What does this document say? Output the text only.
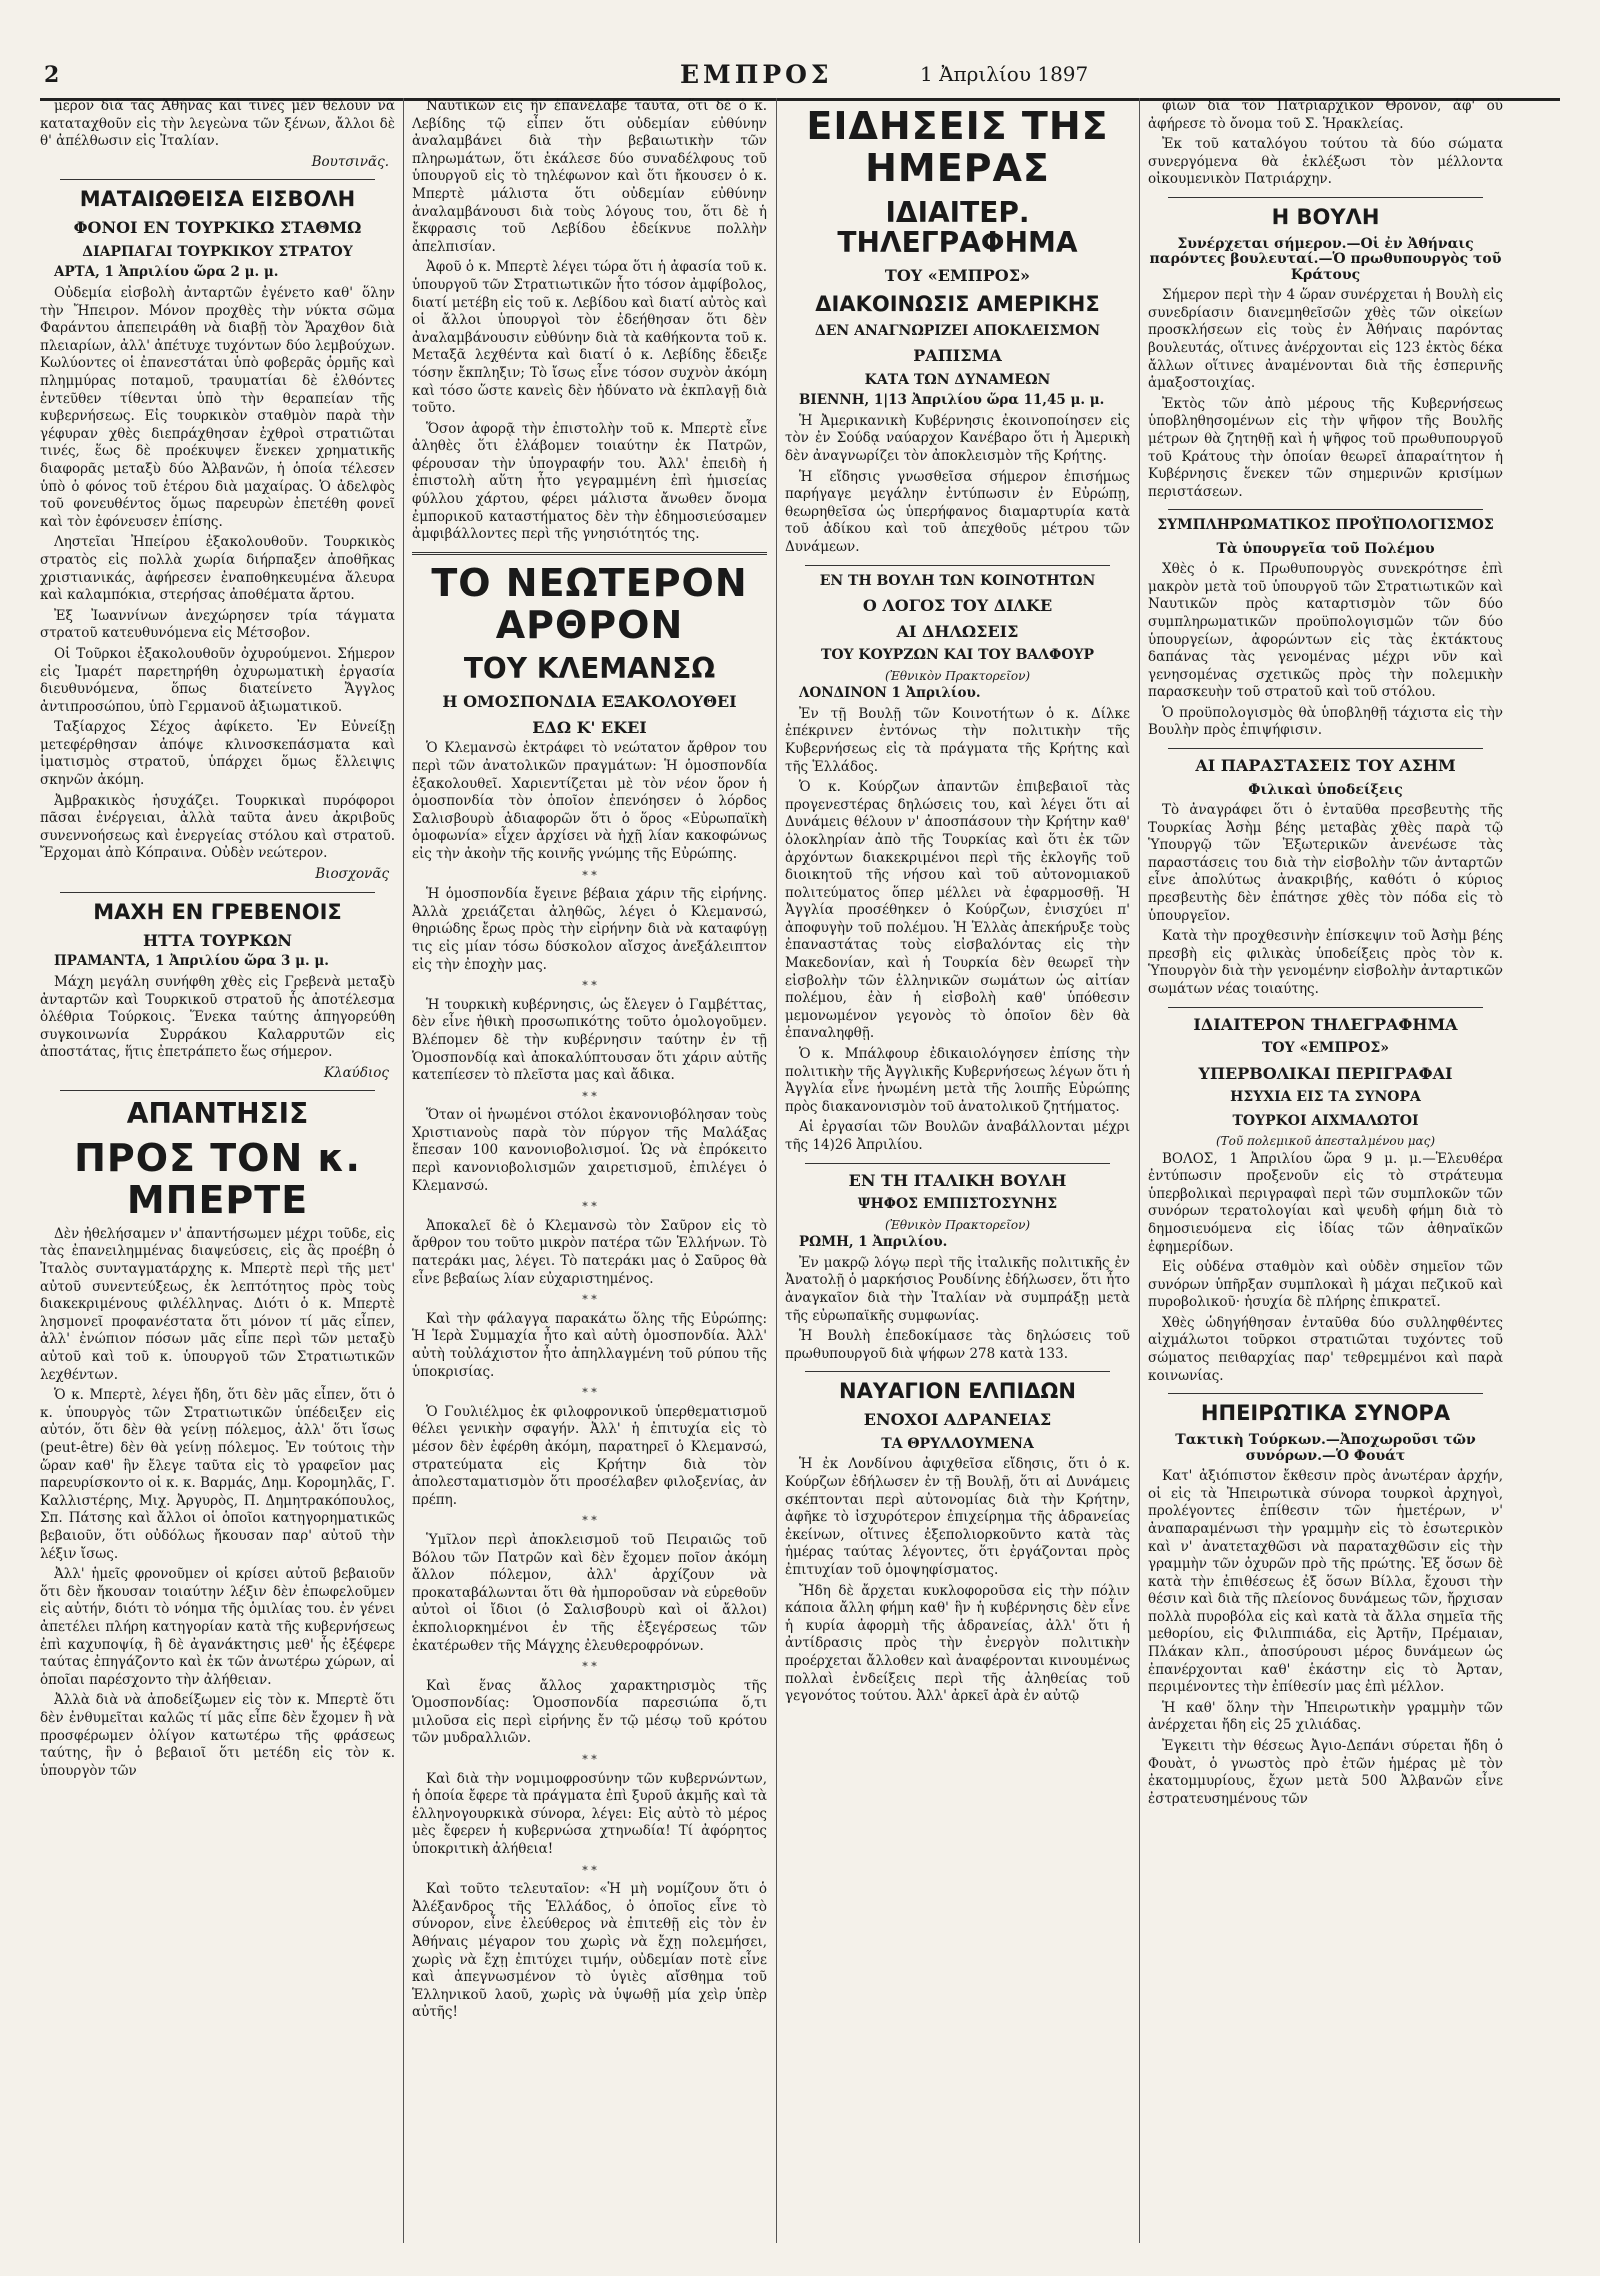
2	ΕΜΠΡΟΣ	1 Ἀπριλίου 1897

μερον διὰ τὰς Ἀθήνας καὶ τινὲς μὲν θέλουν νὰ καταταχθοῦν εἰς τὴν λεγεὼνα τῶν ξένων, ἄλλοι δὲ θ' ἀπέλθωσιν εἰς Ἰταλίαν.

Βουτσινᾶς.
ΜΑΤΑΙΩΘΕΙΣΑ ΕΙΣΒΟΛΗ
ΦΟΝΟΙ ΕΝ ΤΟΥΡΚΙΚΩ ΣΤΑΘΜΩ
ΔΙΑΡΠΑΓΑΙ ΤΟΥΡΚΙΚΟΥ ΣΤΡΑΤΟΥ

ΑΡΤΑ, 1 Ἀπριλίου ὥρα 2 μ. μ.

Οὐδεμία εἰσβολὴ ἀνταρτῶν ἐγένετο καθ' ὅλην τὴν Ἤπειρον. Μόνον προχθὲς τὴν νύκτα σῶμα Φαράντου ἀπεπειράθη νὰ διαβῇ τὸν Ἄραχθον διὰ πλειαρίων, ἀλλ' ἀπέτυχε τυχόντων δύο λεμβούχων. Κωλύοντες οἱ ἐπανεστάται ὑπὸ φοβερᾶς ὁρμῆς καὶ πλημμύρας ποταμοῦ, τραυματίαι δὲ ἐλθόντες ἐντεῦθεν τίθενται ὑπὸ τὴν θεραπείαν τῆς κυβερνήσεως. Εἰς τουρκικὸν σταθμὸν παρὰ τὴν γέφυραν χθὲς διεπράχθησαν ἐχθροὶ στρατιῶται τινές, ἕως δὲ προέκυψεν ἕνεκεν χρηματικῆς διαφορᾶς μεταξὺ δύο Ἀλβανῶν, ἡ ὁποία τέλεσεν ὑπὸ ὁ φόνος τοῦ ἑτέρου διὰ μαχαίρας. Ὁ ἀδελφὸς τοῦ φονευθέντος ὅμως παρευρὼν ἐπετέθη φονεῖ καὶ τὸν ἐφόνευσεν ἐπίσης.

Ληστεῖαι Ἠπείρου ἐξακολουθοῦν. Τουρκικὸς στρατὸς εἰς πολλὰ χωρία διήρπαξεν ἀποθῆκας χριστιανικάς, ἀφήρεσεν ἐναποθηκευμένα ἄλευρα καὶ καλαμπόκια, στερήσας ἀποθέματα ἄρτου.

Ἐξ Ἰωαννίνων ἀνεχώρησεν τρία τάγματα στρατοῦ κατευθυνόμενα εἰς Μέτσοβον.

Οἱ Τοῦρκοι ἐξακολουθοῦν ὀχυρούμενοι. Σήμερον εἰς Ἰμαρέτ παρετηρήθη ὀχυρωματικὴ ἐργασία διευθυνόμενα, ὅπως διατείνετο Ἄγγλος ἀντιπροσώπου, ὑπὸ Γερμανοῦ ἀξιωματικοῦ.

Ταξίαρχος Σέχος ἀφίκετο. Ἐν Εὐνείξῃ μετεφέρθησαν ἀπόψε κλινοσκεπάσματα καὶ ἱματισμὸς στρατοῦ, ὑπάρχει ὅμως ἔλλειψις σκηνῶν ἀκόμη.

Ἀμβρακικὸς ἡσυχάζει. Τουρκικαὶ πυρόφοροι πᾶσαι ἐνέργειαι, ἀλλὰ ταῦτα ἀνευ ἀκριβοῦς συνεννοήσεως καὶ ἐνεργείας στόλου καὶ στρατοῦ. Ἔρχομαι ἀπὸ Κόπραινα. Οὐδὲν νεώτερον.

Βιοσχονᾶς
ΜΑΧΗ ΕΝ ΓΡΕΒΕΝΟΙΣ
ΗΤΤΑ ΤΟΥΡΚΩΝ

ΠΡΑΜΑΝΤΑ, 1 Ἀπριλίου ὥρα 3 μ. μ.

Μάχη μεγάλη συνήφθη χθὲς εἰς Γρεβενὰ μεταξὺ ἀνταρτῶν καὶ Τουρκικοῦ στρατοῦ ἧς ἀποτέλεσμα ὀλέθρια Τούρκοις. Ἕνεκα ταύτης ἀπηγορεύθη συγκοινωνία Συρράκου Καλαρρυτῶν εἰς ἀποστάτας, ἥτις ἐπετράπετο ἕως σήμερον.

Κλαύδιος
ΑΠΑΝΤΗΣΙΣ
ΠΡΟΣ ΤΟΝ κ. ΜΠΕΡΤΕ

Δὲν ἠθελήσαμεν ν' ἀπαντήσωμεν μέχρι τοῦδε, εἰς τὰς ἐπανειλημμένας διαψεύσεις, εἰς ἃς προέβη ὁ Ἰταλὸς συνταγματάρχης κ. Μπερτὲ περὶ τῆς μετ' αὐτοῦ συνεντεύξεως, ἐκ λεπτότητος πρὸς τοὺς διακεκριμένους φιλέλληνας. Διότι ὁ κ. Μπερτὲ λησμονεῖ προφανέστατα ὅτι μόνον τί μᾶς εἶπεν, ἀλλ' ἐνώπιον πόσων μᾶς εἶπε περὶ τῶν μεταξὺ αὐτοῦ καὶ τοῦ κ. ὑπουργοῦ τῶν Στρατιωτικῶν λεχθέντων.

Ὁ κ. Μπερτὲ, λέγει ἤδη, ὅτι δὲν μᾶς εἶπεν, ὅτι ὁ κ. ὑπουργὸς τῶν Στρατιωτικῶν ὑπέδειξεν εἰς αὐτόν, ὅτι δὲν θὰ γείνῃ πόλεμος, ἀλλ' ὅτι ἴσως (peut-être) δὲν θὰ γείνῃ πόλεμος. Ἐν τούτοις τὴν ὥραν καθ' ἣν ἔλεγε ταῦτα εἰς τὸ γραφεῖον μας παρευρίσκοντο οἱ κ. κ. Βαρμάς, Δημ. Κορομηλᾶς, Γ. Καλλιστέρης, Μιχ. Ἀργυρὸς, Π. Δημητρακόπουλος, Σπ. Πάτσης καὶ ἄλλοι οἱ ὁποῖοι κατηγορηματικῶς βεβαιοῦν, ὅτι οὐδόλως ἤκουσαν παρ' αὐτοῦ τὴν λέξιν ἴσως.

Ἀλλ' ἡμεῖς φρονοῦμεν οἱ κρίσει αὐτοῦ βεβαιοῦν ὅτι δὲν ἤκουσαν τοιαύτην λέξιν δὲν ἐπωφελοῦμεν εἰς αὐτήν, διότι τὸ νόημα τῆς ὁμιλίας του. ἐν γένει ἀπετέλει πλήρη κατηγορίαν κατὰ τῆς κυβερνήσεως ἐπὶ καχυποψίᾳ, ἢ δὲ ἀγανάκτησις μεθ' ἧς ἐξέφερε ταύτας ἐπηγάζοντο καὶ ἐκ τῶν ἀνωτέρω χώρων, αἱ ὁποῖαι παρέσχοντο τὴν ἀλήθειαν.

Ἀλλὰ διὰ νὰ ἀποδείξωμεν εἰς τὸν κ. Μπερτὲ ὅτι δὲν ἐνθυμεῖται καλῶς τί μᾶς εἶπε δὲν ἔχομεν ἢ νὰ προσφέρωμεν ὀλίγον κατωτέρω τῆς φράσεως ταύτης, ἣν ὁ βεβαιοῖ ὅτι μετέδη εἰς τὸν κ. ὑπουργὸν τῶν

Ναυτικῶν εἰς ἣν ἐπανέλαβε ταῦτα, ὅτι δὲ ὁ κ. Λεβίδης τῷ εἶπεν ὅτι οὐδεμίαν εὐθύνην ἀναλαμβάνει διὰ τὴν βεβαιωτικὴν τῶν πληρωμάτων, ὅτι ἐκάλεσε δύο συναδέλφους τοῦ ὑπουργοῦ εἰς τὸ τηλέφωνον καὶ ὅτι ἤκουσεν ὁ κ. Μπερτὲ μάλιστα ὅτι οὐδεμίαν εὐθύνην ἀναλαμβάνουσι διὰ τοὺς λόγους του, ὅτι δὲ ἡ ἔκφρασις τοῦ Λεβίδου ἐδείκνυε πολλὴν ἀπελπισίαν.

Ἀφοῦ ὁ κ. Μπερτὲ λέγει τώρα ὅτι ἡ ἀφασία τοῦ κ. ὑπουργοῦ τῶν Στρατιωτικῶν ἦτο τόσον ἀμφίβολος, διατί μετέβη εἰς τοῦ κ. Λεβίδου καὶ διατί αὐτὸς καὶ οἱ ἄλλοι ὑπουργοὶ τὸν ἐδεήθησαν ὅτι δὲν ἀναλαμβάνουσιν εὐθύνην διὰ τὰ καθήκοντα τοῦ κ. Μεταξᾶ λεχθέντα καὶ διατί ὁ κ. Λεβίδης ἔδειξε τόσην ἔκπληξιν; Τὸ ἴσως εἶνε τόσον συχνὸν ἀκόμη καὶ τόσο ὥστε κανεὶς δὲν ἠδύνατο νὰ ἐκπλαγῇ διὰ τοῦτο.

Ὅσον ἀφορᾷ τὴν ἐπιστολὴν τοῦ κ. Μπερτὲ εἶνε ἀληθὲς ὅτι ἐλάβομεν τοιαύτην ἐκ Πατρῶν, φέρουσαν τὴν ὑπογραφήν του. Ἀλλ' ἐπειδὴ ἡ ἐπιστολὴ αὕτη ἦτο γεγραμμένη ἐπὶ ἡμισείας φύλλου χάρτου, φέρει μάλιστα ἄνωθεν ὄνομα ἐμπορικοῦ καταστήματος δὲν τὴν ἐδημοσιεύσαμεν ἀμφιβάλλοντες περὶ τῆς γνησιότητός της.

ΤΟ ΝΕΩΤΕΡΟΝ ΑΡΘΡΟΝ
ΤΟΥ ΚΛΕΜΑΝΣΩ
Η ΟΜΟΣΠΟΝΔΙΑ ΕΞΑΚΟΛΟΥΘΕΙ
ΕΔΩ Κ' ΕΚΕΙ

Ὁ Κλεμανσὼ ἐκτράφει τὸ νεώτατον ἄρθρον του περὶ τῶν ἀνατολικῶν πραγμάτων: Ἡ ὁμοσπονδία ἐξακολουθεῖ. Χαριεντίζεται μὲ τὸν νέον ὅρον ἡ ὁμοσπονδία τὸν ὁποῖον ἐπενόησεν ὁ λόρδος Σαλισβουρὺ ἀδιαφορῶν ὅτι ὁ ὅρος «Εὐρωπαϊκὴ ὁμοφωνία» εἶχεν ἀρχίσει νὰ ἠχῇ λίαν κακοφώνως εἰς τὴν ἀκοὴν τῆς κοινῆς γνώμης τῆς Εὐρώπης.

* *

Ἡ ὁμοσπονδία ἔγεινε βέβαια χάριν τῆς εἰρήνης. Ἀλλὰ χρειάζεται ἀληθῶς, λέγει ὁ Κλεμανσώ, θηριώδης ἔρως πρὸς τὴν εἰρήνην διὰ νὰ καταφύγῃ τις εἰς μίαν τόσω δύσκολον αἴσχος ἀνεξάλειπτον εἰς τὴν ἐποχὴν μας.

* *

Ἡ τουρκικὴ κυβέρνησις, ὡς ἔλεγεν ὁ Γαμβέττας, δὲν εἶνε ἠθικὴ προσωπικότης τοῦτο ὁμολογοῦμεν. Βλέπομεν δὲ τὴν κυβέρνησιν ταύτην ἐν τῇ Ὁμοσπονδίᾳ καὶ ἀποκαλύπτουσαν ὅτι χάριν αὐτῆς κατεπίεσεν τὸ πλεῖστα μας καὶ ἄδικα.

* *

Ὅταν οἱ ἡνωμένοι στόλοι ἐκανονιοβόλησαν τοὺς Χριστιανοὺς παρὰ τὸν πύργον τῆς Μαλάξας ἔπεσαν 100 κανονιοβολισμοί. Ὡς νὰ ἐπρόκειτο περὶ κανονιοβολισμῶν χαιρετισμοῦ, ἐπιλέγει ὁ Κλεμανσώ.

* *

Ἀποκαλεῖ δὲ ὁ Κλεμανσὼ τὸν Σαῦρον εἰς τὸ ἄρθρον του τοῦτο μικρὸν πατέρα τῶν Ἑλλήνων. Τὸ πατεράκι μας, λέγει. Τὸ πατεράκι μας ὁ Σαῦρος θὰ εἶνε βεβαίως λίαν εὐχαριστημένος.

* *

Καὶ τὴν φάλαγγα παρακάτω ὅλης τῆς Εὐρώπης: Ἡ Ἱερὰ Συμμαχία ἦτο καὶ αὐτὴ ὁμοσπονδία. Ἀλλ' αὐτὴ τοὐλάχιστον ἦτο ἀπηλλαγμένη τοῦ ρύπου τῆς ὑποκρισίας.

* *

Ὁ Γουλιέλμος ἐκ φιλοφρονικοῦ ὑπερθεματισμοῦ θέλει γενικὴν σφαγήν. Ἀλλ' ἡ ἐπιτυχία εἰς τὸ μέσον δὲν ἐφέρθη ἀκόμη, παρατηρεῖ ὁ Κλεμανσώ, στρατεύματα εἰς Κρήτην διὰ τὸν ἀπολεσταματισμὸν ὅτι προσέλαβεν φιλοξενίας, ἀν πρέπη.

* *

Ὑμῖλον περὶ ἀποκλεισμοῦ τοῦ Πειραιῶς τοῦ Βόλου τῶν Πατρῶν καὶ δὲν ἔχομεν ποῖον ἀκόμη ἄλλον πόλεμον, ἀλλ' ἀρχίζουν νὰ προκαταβάλωνται ὅτι θὰ ἠμποροῦσαν νὰ εὑρεθοῦν αὐτοὶ οἱ ἴδιοι (ὁ Σαλισβουρὺ καὶ οἱ ἄλλοι) ἐκπολιορκημένοι ἐν τῆς ἐξεγέρσεως τῶν ἐκατέρωθεν τῆς Μάγχης ἐλευθεροφρόνων.

* *

Καὶ ἕνας ἄλλος χαρακτηρισμὸς τῆς Ὁμοσπονδίας: Ὁμοσπονδία παρεσιώπα ὅ,τι μιλοῦσα εἰς περὶ εἰρήνης ἔν τῷ μέσῳ τοῦ κρότου τῶν μυδραλλιῶν.

* *

Καὶ διὰ τὴν νομιμοφροσύνην τῶν κυβερνώντων, ἡ ὁποία ἔφερε τὰ πράγματα ἐπὶ ξυροῦ ἀκμῆς καὶ τὰ ἑλληνογουρκικὰ σύνορα, λέγει: Εἰς αὐτὸ τὸ μέρος μὲς ἔφερεν ἡ κυβερνώσα χτηνωδία! Τί ἀφόρητος ὑποκριτικὴ ἀλήθεια!

* *

Καὶ τοῦτο τελευταῖον: «Ἡ μὴ νομίζουν ὅτι ὁ Ἀλέξανδρος τῆς Ἑλλάδος, ὁ ὁποῖος εἶνε τὸ σύνορον, εἶνε ἐλεύθερος νὰ ἐπιτεθῇ εἰς τὸν ἐν Ἀθήναις μέγαρον του χωρὶς νὰ ἔχῃ πολεμήσει, χωρὶς νὰ ἔχῃ ἐπιτύχει τιμήν, οὐδεμίαν ποτὲ εἶνε καὶ ἀπεγνωσμένον τὸ ὑγιὲς αἴσθημα τοῦ Ἑλληνικοῦ λαοῦ, χωρὶς νὰ ὑψωθῇ μία χεὶρ ὑπὲρ αὐτῆς!

ΕΙΔΗΣΕΙΣ ΤΗΣ ΗΜΕΡΑΣ
ΙΔΙΑΙΤΕΡ. ΤΗΛΕΓΡΑΦΗΜΑ
ΤΟΥ «ΕΜΠΡΟΣ»
ΔΙΑΚΟΙΝΩΣΙΣ ΑΜΕΡΙΚΗΣ
ΔΕΝ ΑΝΑΓΝΩΡΙΖΕΙ ΑΠΟΚΛΕΙΣΜΟΝ
ΡΑΠΙΣΜΑ
ΚΑΤΑ ΤΩΝ ΔΥΝΑΜΕΩΝ

ΒΙΕΝΝΗ, 1|13 Ἀπριλίου ὥρα 11,45 μ. μ.

Ἡ Ἀμερικανικὴ Κυβέρνησις ἐκοινοποίησεν εἰς τὸν ἐν Σούδᾳ ναύαρχον Κανέβαρο ὅτι ἡ Ἀμερικὴ δὲν ἀναγνωρίζει τὸν ἀποκλεισμὸν τῆς Κρήτης.

Ἡ εἴδησις γνωσθεῖσα σήμερον ἐπισήμως παρήγαγε μεγάλην ἐντύπωσιν ἐν Εὐρώπῃ, θεωρηθεῖσα ὡς ὑπερήφανος διαμαρτυρία κατὰ τοῦ ἀδίκου καὶ τοῦ ἀπεχθοῦς μέτρου τῶν Δυνάμεων.

ΕΝ ΤΗ ΒΟΥΛΗ ΤΩΝ ΚΟΙΝΟΤΗΤΩΝ
Ο ΛΟΓΟΣ ΤΟΥ ΔΙΛΚΕ
ΑΙ ΔΗΛΩΣΕΙΣ
ΤΟΥ ΚΟΥΡΖΩΝ ΚΑΙ ΤΟΥ ΒΑΛΦΟΥΡ
(Ἐθνικὸν Πρακτορεῖον)

ΛΟΝΔΙΝΟΝ 1 Ἀπριλίου.

Ἐν τῇ Βουλῇ τῶν Κοινοτήτων ὁ κ. Δίλκε ἐπέκρινεν ἐντόνως τὴν πολιτικὴν τῆς Κυβερνήσεως εἰς τὰ πράγματα τῆς Κρήτης καὶ τῆς Ἑλλάδος.

Ὁ κ. Κούρζων ἀπαντῶν ἐπιβεβαιοῖ τὰς προγενεστέρας δηλώσεις του, καὶ λέγει ὅτι αἱ Δυνάμεις θέλουν ν' ἀποσπάσουν τὴν Κρήτην καθ' ὁλοκληρίαν ἀπὸ τῆς Τουρκίας καὶ ὅτι ἐκ τῶν ἀρχόντων διακεκριμένοι περὶ τῆς ἐκλογῆς τοῦ διοικητοῦ τῆς νήσου καὶ τοῦ αὐτονομιακοῦ πολιτεύματος ὅπερ μέλλει νὰ ἐφαρμοσθῇ. Ἡ Ἀγγλία προσέθηκεν ὁ Κούρζων, ἐνισχύει π' ἀποφυγὴν τοῦ πολέμου. Ἡ Ἑλλὰς ἀπεκήρυξε τοὺς ἐπαναστάτας τοὺς εἰσβαλόντας εἰς τὴν Μακεδονίαν, καὶ ἡ Τουρκία δὲν θεωρεῖ τὴν εἰσβολὴν τῶν ἑλληνικῶν σωμάτων ὡς αἰτίαν πολέμου, ἐὰν ἡ εἰσβολὴ καθ' ὑπόθεσιν μεμονωμένον γεγονὸς τὸ ὁποῖον δὲν θὰ ἐπαναληφθῇ.

Ὁ κ. Μπάλφουρ ἐδικαιολόγησεν ἐπίσης τὴν πολιτικὴν τῆς Ἀγγλικῆς Κυβερνήσεως λέγων ὅτι ἡ Ἀγγλία εἶνε ἡνωμένη μετὰ τῆς λοιπῆς Εὐρώπης πρὸς διακανονισμὸν τοῦ ἀνατολικοῦ ζητήματος.

Αἱ ἐργασίαι τῶν Βουλῶν ἀναβάλλονται μέχρι τῆς 14)26 Ἀπριλίου.

ΕΝ ΤΗ ΙΤΑΛΙΚΗ ΒΟΥΛΗ
ΨΗΦΟΣ ΕΜΠΙΣΤΟΣΥΝΗΣ
(Ἐθνικὸν Πρακτορεῖον)

ΡΩΜΗ, 1 Ἀπριλίου.

Ἐν μακρῷ λόγῳ περὶ τῆς ἰταλικῆς πολιτικῆς ἐν Ἀνατολῇ ὁ μαρκήσιος Ρουδίνης ἐδήλωσεν, ὅτι ἦτο ἀναγκαῖον διὰ τὴν Ἰταλίαν νὰ συμπράξῃ μετὰ τῆς εὐρωπαϊκῆς συμφωνίας.

Ἡ Βουλὴ ἐπεδοκίμασε τὰς δηλώσεις τοῦ πρωθυπουργοῦ διὰ ψήφων 278 κατὰ 133.

ΝΑΥΑΓΙΟΝ ΕΛΠΙΔΩΝ
ΕΝΟΧΟΙ ΑΔΡΑΝΕΙΑΣ
ΤΑ ΘΡΥΛΛΟΥΜΕΝΑ

Ἡ ἐκ Λονδίνου ἀφιχθεῖσα εἴδησις, ὅτι ὁ κ. Κούρζων ἐδήλωσεν ἐν τῇ Βουλῇ, ὅτι αἱ Δυνάμεις σκέπτονται περὶ αὐτονομίας διὰ τὴν Κρήτην, ἀφῆκε τὸ ἰσχυρότερον ἐπιχείρημα τῆς ἀδρανείας ἐκείνων, οἵτινες ἐξεπολιορκοῦντο κατὰ τὰς ἡμέρας ταύτας λέγοντες, ὅτι ἐργάζονται πρὸς ἐπιτυχίαν τοῦ ὁμοψηφίσματος.

Ἤδη δὲ ἄρχεται κυκλοφοροῦσα εἰς τὴν πόλιν κάποια ἄλλη φήμη καθ' ἣν ἡ κυβέρνησις δὲν εἶνε ἡ κυρία ἀφορμὴ τῆς ἀδρανείας, ἀλλ' ὅτι ἡ ἀντίδρασις πρὸς τὴν ἐνεργὸν πολιτικὴν προέρχεται ἄλλοθεν καὶ ἀναφέρονται κινουμένως πολλαὶ ἐνδείξεις περὶ τῆς ἀληθείας τοῦ γεγονότος τούτου. Ἀλλ' ἀρκεῖ ἀρὰ ἐν αὐτῷ

φίων διὰ τὸν Πατριαρχικὸν Θρόνον, ἀφ' οὗ ἀφήρεσε τὸ ὄνομα τοῦ Σ. Ἡρακλείας.

Ἐκ τοῦ καταλόγου τούτου τὰ δύο σώματα συνεργόμενα θὰ ἐκλέξωσι τὸν μέλλοντα οἰκουμενικὸν Πατριάρχην.

Η ΒΟΥΛΗ
Συνέρχεται σήμερον.—Οἱ ἐν Ἀθήναις παρόντες βουλευταί.—Ὁ πρωθυπουργὸς τοῦ Κράτους

Σήμερον περὶ τὴν 4 ὥραν συνέρχεται ἡ Βουλὴ εἰς συνεδρίασιν διανεμηθεῖσῶν χθὲς τῶν οἰκείων προσκλήσεων εἰς τοὺς ἐν Ἀθήναις παρόντας βουλευτάς, οἵτινες ἀνέρχονται εἰς 123 ἐκτὸς δέκα ἄλλων οἵτινες ἀναμένονται διὰ τῆς ἑσπερινῆς ἁμαξοστοιχίας.

Ἐκτὸς τῶν ἀπὸ μέρους τῆς Κυβερνήσεως ὑποβληθησομένων εἰς τὴν ψῆφον τῆς Βουλῆς μέτρων θὰ ζητηθῇ καὶ ἡ ψῆφος τοῦ πρωθυπουργοῦ τοῦ Κράτους τὴν ὁποίαν θεωρεῖ ἀπαραίτητον ἡ Κυβέρνησις ἕνεκεν τῶν σημερινῶν κρισίμων περιστάσεων.

ΣΥΜΠΛΗΡΩΜΑΤΙΚΟΣ ΠΡΟΫΠΟΛΟΓΙΣΜΟΣ
Τὰ ὑπουργεῖα τοῦ Πολέμου

Χθὲς ὁ κ. Πρωθυπουργὸς συνεκρότησε ἐπὶ μακρὸν μετὰ τοῦ ὑπουργοῦ τῶν Στρατιωτικῶν καὶ Ναυτικῶν πρὸς καταρτισμὸν τῶν δύο συμπληρωματικῶν προϋπολογισμῶν τῶν δύο ὑπουργείων, ἀφορώντων εἰς τὰς ἐκτάκτους δαπάνας τὰς γενομένας μέχρι νῦν καὶ γενησομένας σχετικῶς πρὸς τὴν πολεμικὴν παρασκευὴν τοῦ στρατοῦ καὶ τοῦ στόλου.

Ὁ προϋπολογισμὸς θὰ ὑποβληθῇ τάχιστα εἰς τὴν Βουλὴν πρὸς ἐπιψήφισιν.

ΑΙ ΠΑΡΑΣΤΑΣΕΙΣ ΤΟΥ ΑΣΗΜ
Φιλικαὶ ὑποδείξεις

Τὸ ἀναγράφει ὅτι ὁ ἐνταῦθα πρεσβευτὴς τῆς Τουρκίας Ἀσὴμ βέης μεταβὰς χθὲς παρὰ τῷ Ὑπουργῷ τῶν Ἐξωτερικῶν ἀνενέωσε τὰς παραστάσεις του διὰ τὴν εἰσβολὴν τῶν ἀνταρτῶν εἶνε ἀπολύτως ἀνακριβής, καθότι ὁ κύριος πρεσβευτὴς δὲν ἐπάτησε χθὲς τὸν πόδα εἰς τὸ ὑπουργεῖον.

Κατὰ τὴν προχθεσινὴν ἐπίσκεψιν τοῦ Ἀσὴμ βέης πρεσβὴ εἰς φιλικὰς ὑποδείξεις πρὸς τὸν κ. Ὑπουργὸν διὰ τὴν γενομένην εἰσβολὴν ἀνταρτικῶν σωμάτων νέας τοιαύτης.

ΙΔΙΑΙΤΕΡΟΝ ΤΗΛΕΓΡΑΦΗΜΑ
ΤΟΥ «ΕΜΠΡΟΣ»
ΥΠΕΡΒΟΛΙΚΑΙ ΠΕΡΙΓΡΑΦΑΙ
ΗΣΥΧΙΑ ΕΙΣ ΤΑ ΣΥΝΟΡΑ
ΤΟΥΡΚΟΙ ΑΙΧΜΑΛΩΤΟΙ
(Τοῦ πολεμικοῦ ἀπεσταλμένου μας)

ΒΟΛΟΣ, 1 Ἀπριλίου ὥρα 9 μ. μ.—Ἑλευθέρα ἐντύπωσιν προξενοῦν εἰς τὸ στράτευμα ὑπερβολικαὶ περιγραφαὶ περὶ τῶν συμπλοκῶν τῶν συνόρων τερατολογίαι καὶ ψευδὴ φήμη διὰ τὸ δημοσιευόμενα εἰς ἰδίας τῶν ἀθηναϊκῶν ἐφημερίδων.

Εἰς οὐδένα σταθμὸν καὶ οὐδὲν σημεῖον τῶν συνόρων ὑπῆρξαν συμπλοκαὶ ἢ μάχαι πεζικοῦ καὶ πυροβολικοῦ· ἡσυχία δὲ πλήρης ἐπικρατεῖ.

Χθὲς ὡδηγήθησαν ἐνταῦθα δύο συλληφθέντες αἰχμάλωτοι τοῦρκοι στρατιῶται τυχόντες τοῦ σώματος πειθαρχίας παρ' τεθρεμμένοι καὶ παρὰ κοινωνίας.

ΗΠΕΙΡΩΤΙΚΑ ΣΥΝΟΡΑ
Τακτικὴ Τούρκων.—Ἀποχωροῦσι τῶν συνόρων.—Ὁ Φουάτ

Κατ' ἀξιόπιστον ἔκθεσιν πρὸς ἀνωτέραν ἀρχήν, οἱ εἰς τὰ Ἠπειρωτικὰ σύνορα τουρκοὶ ἀρχηγοὶ, προλέγοντες ἐπίθεσιν τῶν ἡμετέρων, ν' ἀναπαραμένωσι τὴν γραμμὴν εἰς τὸ ἐσωτερικὸν καὶ ν' ἀνατεταχθῶσι νὰ παραταχθῶσιν εἰς τὴν γραμμὴν τῶν ὀχυρῶν πρὸ τῆς πρώτης. Ἐξ ὅσων δὲ κατὰ τὴν ἐπιθέσεως ἐξ ὅσων Βίλλα, ἔχουσι τὴν θέσιν καὶ διὰ τῆς πλείονος δυνάμεως τῶν, ἤρχισαν πολλὰ πυροβόλα εἰς καὶ κατὰ τὰ ἄλλα σημεῖα τῆς μεθορίου, εἰς Φιλιππιάδα, εἰς Ἀρτῆν, Πρέμαιαν, Πλάκαν κλπ., ἀποσύρουσι μέρος δυνάμεων ὡς ἐπανέρχονται καθ' ἑκάστην εἰς τὸ Ἀρταν, περιμένοντες τὴν ἐπίθεσίν μας ἐπὶ μέλλον.

Ἡ καθ' ὅλην τὴν Ἠπειρωτικὴν γραμμὴν τῶν ἀνέρχεται ἤδη εἰς 25 χιλιάδας.

Ἐγκειτι τὴν θέσεως Ἀγιο-Δεπάνι σύρεται ἤδη ὁ Φουὰτ, ὁ γνωστὸς πρὸ ἐτῶν ἡμέρας μὲ τὸν ἐκατομμυρίους, ἔχων μετὰ 500 Ἀλβανῶν εἶνε ἐστρατευσημένους τῶν
